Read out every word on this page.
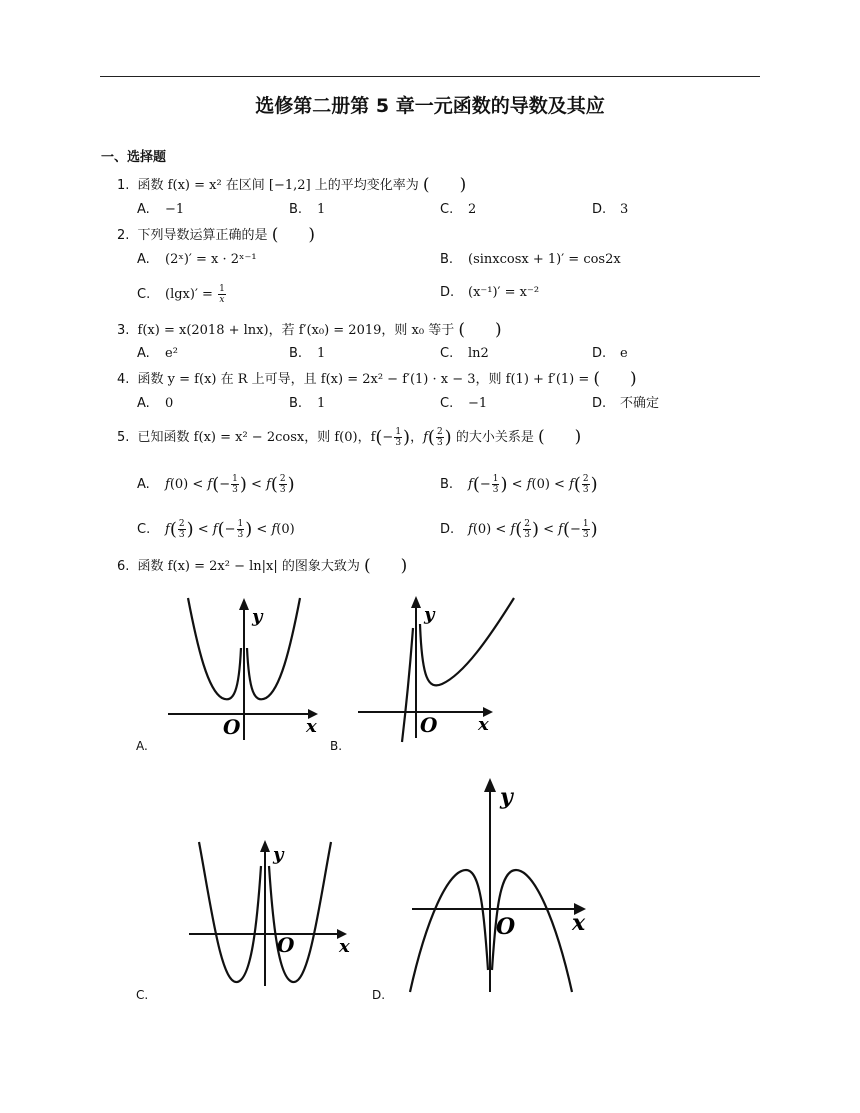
选修第二册第 5 章一元函数的导数及其应
一、选择题
1. 函数 f(x) = x² 在区间 [−1,2] 上的平均变化率为 ( )
A. −1	B. 1	C. 2	D. 3
2. 下列导数运算正确的是 ( )
A. (2ˣ)′ = x · 2ˣ⁻¹	B. (sinxcosx + 1)′ = cos2x
C. $(\lg x)' = \frac{1}{x}$	D. (x⁻¹)′ = x⁻²
3. f(x) = x(2018 + lnx)，若 f′(x₀) = 2019，则 x₀ 等于 ( )
A. e²	B. 1	C. ln2	D. e
4. 函数 y = f(x) 在 R 上可导，且 f(x) = 2x² − f′(1) · x − 3，则 f(1) + f′(1) = ( )
A. 0	B. 1	C. −1	D. 不确定
5. 已知函数 f(x) = x² − 2cosx，则 f(0)，$f(- \frac{1}{3}$ )，$f( \frac{2}{3}$ ) 的大小关系是 ( )
A. $f(0) < f(- \frac{1}{3}$ ) < $f( \frac{2}{3}$ )	B. $f(- \frac{1}{3}$ ) < $f(0) < f( \frac{2}{3}$ )
C. $f( \frac{2}{3}$ ) < $f(- \frac{1}{3}$ ) < f(0)	D. $f(0) < f( \frac{2}{3}$ ) < $f(- \frac{1}{3}$ )
6. 函数 f(x) = 2x² − ln|x| 的图象大致为 ( )
y
O	x
A.
y
O x
B.
y
O x
C.
y
O	x
D.
